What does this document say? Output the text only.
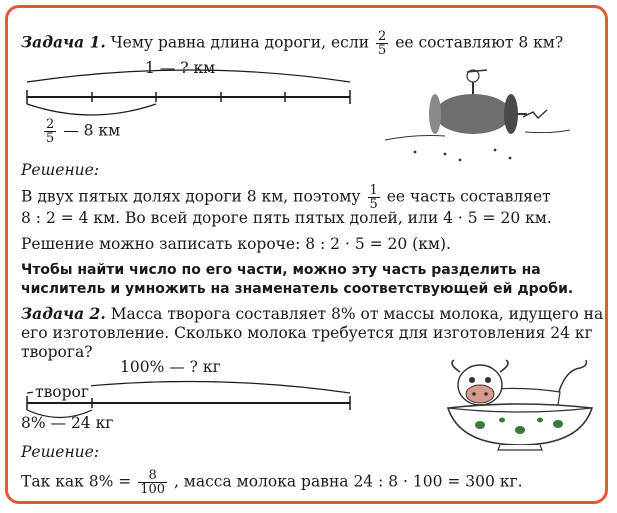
Задача 1. Чему равна длина дороги, если $\frac{2}{5}$ ее составляют 8 км?
1 — ? км
$\frac{2}{5}$ — 8 км
Решение:
В двух пятых долях дороги 8 км, поэтому $\frac{1}{5}$ ее часть составляет
8 : 2 = 4 км. Во всей дороге пять пятых долей, или 4 · 5 = 20 км.
Решение можно записать короче: 8 : 2 · 5 = 20 (км).
Чтобы найти число по его части, можно эту часть разделить на
числитель и умножить на знаменатель соответствующей ей дроби.
Задача 2. Масса творога составляет 8% от массы молока, идущего на
его изготовление. Сколько молока требуется для изготовления 24 кг
творога?
100% — ? кг
творог
8% — 24 кг
Решение:
Так как $8\% = \frac{8}{100}$ , масса молока равна 24 : 8 · 100 = 300 кг.
